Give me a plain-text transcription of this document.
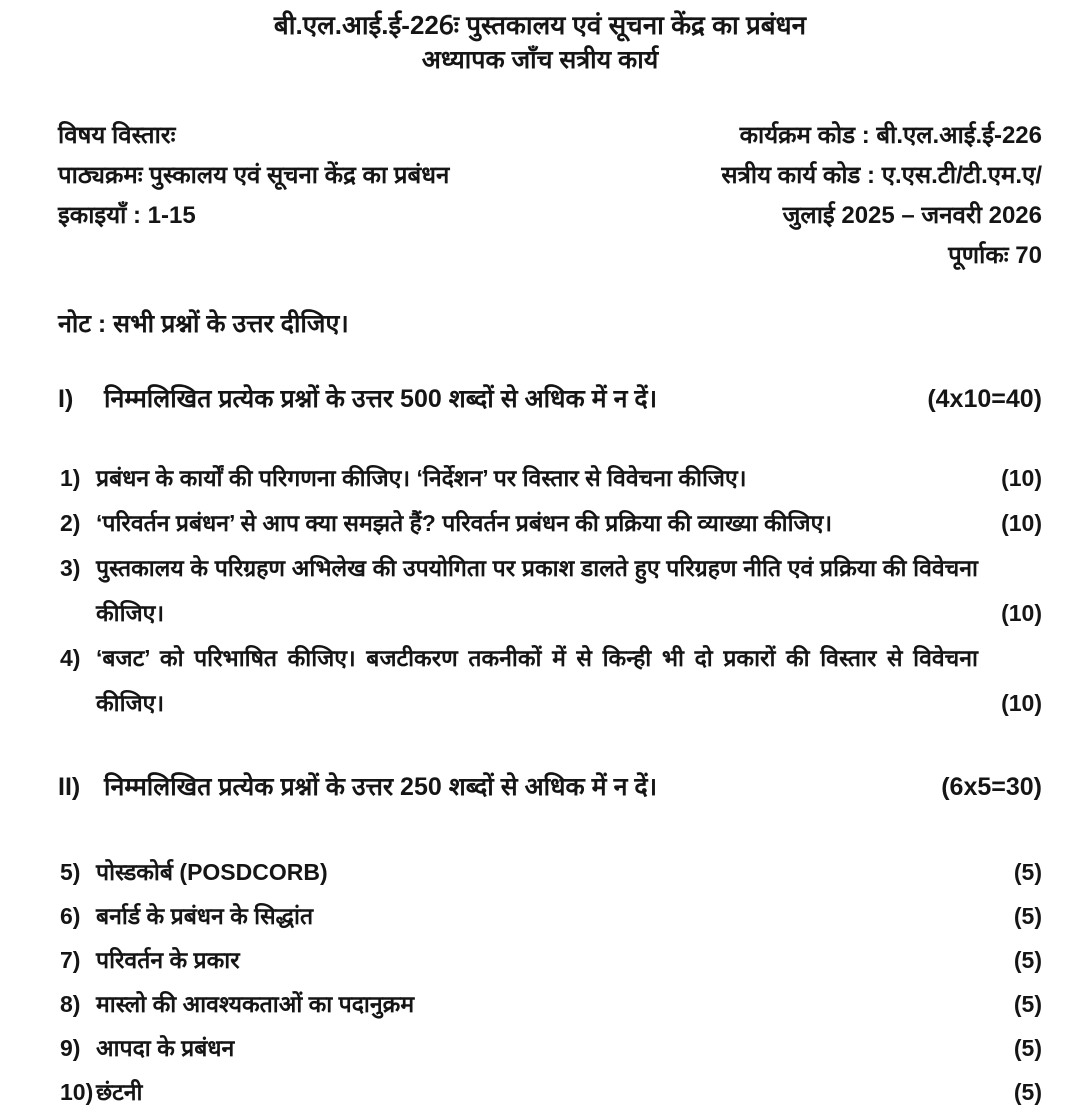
बी.एल.आई.ई-226ः पुस्तकालय एवं सूचना केंद्र का प्रबंधन
अध्यापक जाँच सत्रीय कार्य
विषय विस्तारः
पाठ्यक्रमः पुस्कालय एवं सूचना केंद्र का प्रबंधन
इकाइयाँ : 1-15
कार्यक्रम कोड : बी.एल.आई.ई-226
सत्रीय कार्य कोड : ए.एस.टी/टी.एम.ए/
जुलाई 2025 – जनवरी 2026
पूर्णाकः 70
नोट : सभी प्रश्नों के उत्तर दीजिए।
I)	निम्मलिखित प्रत्येक प्रश्नों के उत्तर 500 शब्दों से अधिक में न दें।	(4x10=40)
1) प्रबंधन के कार्यों की परिगणना कीजिए। ‘निर्देशन’ पर विस्तार से विवेचना कीजिए।	(10)
2) ‘परिवर्तन प्रबंधन’ से आप क्या समझते हैं? परिवर्तन प्रबंधन की प्रक्रिया की व्याख्या कीजिए।	(10)
3) पुस्तकालय के परिग्रहण अभिलेख की उपयोगिता पर प्रकाश डालते हुए परिग्रहण नीति एवं प्रक्रिया की विवेचना कीजिए।	(10)
4) ‘बजट’ को परिभाषित कीजिए। बजटीकरण तकनीकों में से किन्ही भी दो प्रकारों की विस्तार से विवेचना कीजिए।	(10)
II) निम्मलिखित प्रत्येक प्रश्नों के उत्तर 250 शब्दों से अधिक में न दें।	(6x5=30)
5) पोस्डकोर्ब (POSDCORB)	(5)
6) बर्नार्ड के प्रबंधन के सिद्धांत	(5)
7) परिवर्तन के प्रकार	(5)
8) मास्लो की आवश्यकताओं का पदानुक्रम	(5)
9) आपदा के प्रबंधन	(5)
10) छंटनी	(5)
